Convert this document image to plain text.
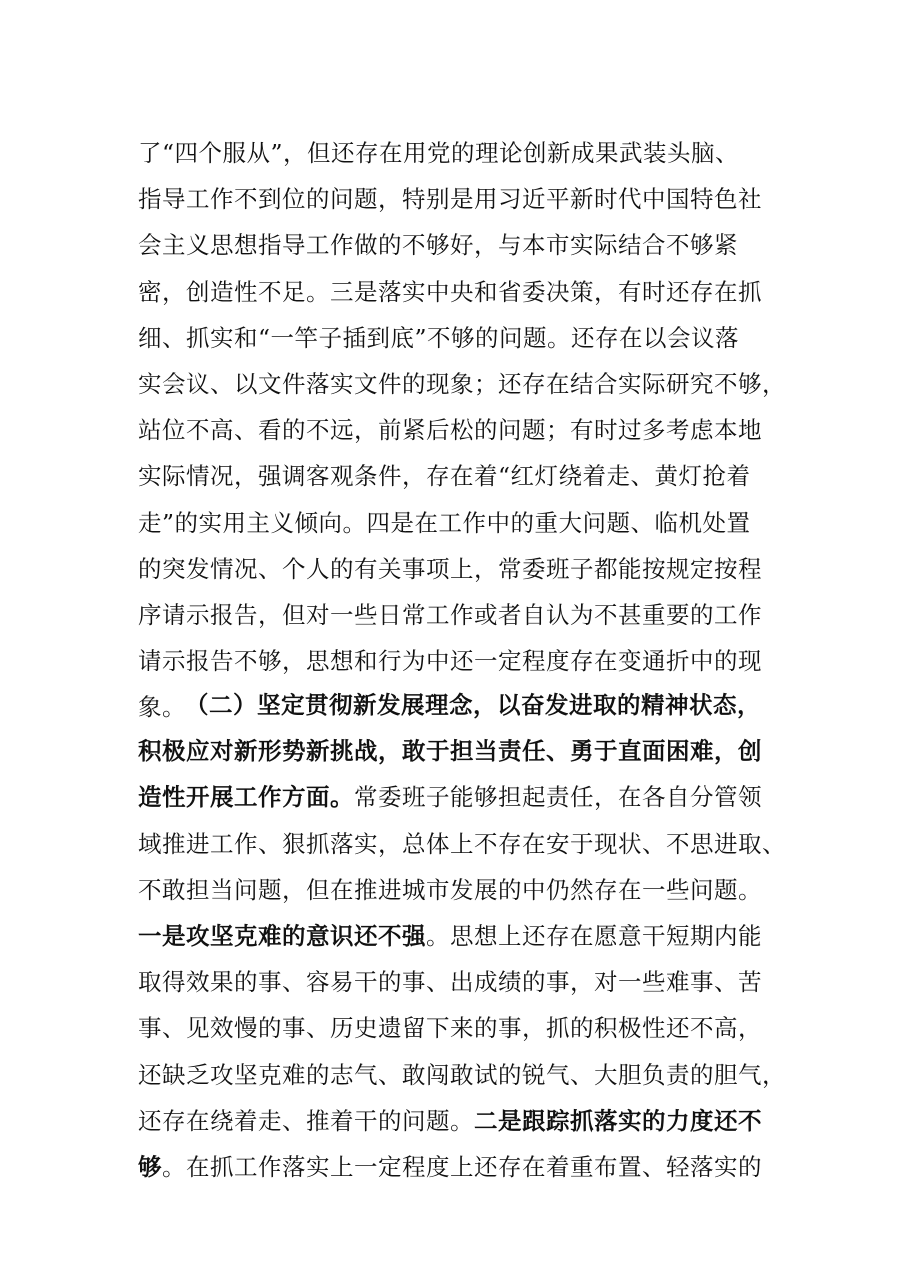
了“四个服从”，但还存在用党的理论创新成果武装头脑、
指导工作不到位的问题，特别是用习近平新时代中国特色社
会主义思想指导工作做的不够好，与本市实际结合不够紧
密，创造性不足。三是落实中央和省委决策，有时还存在抓
细、抓实和“一竿子插到底”不够的问题。还存在以会议落
实会议、以文件落实文件的现象；还存在结合实际研究不够，
站位不高、看的不远，前紧后松的问题；有时过多考虑本地
实际情况，强调客观条件，存在着“红灯绕着走、黄灯抢着
走”的实用主义倾向。四是在工作中的重大问题、临机处置
的突发情况、个人的有关事项上，常委班子都能按规定按程
序请示报告，但对一些日常工作或者自认为不甚重要的工作
请示报告不够，思想和行为中还一定程度存在变通折中的现
象。 （二）坚定贯彻新发展理念，以奋发进取的精神状态，
积极应对新形势新挑战，敢于担当责任、勇于直面困难，创
造性开展工作方面。常委班子能够担起责任，在各自分管领
域推进工作、狠抓落实，总体上不存在安于现状、不思进取、
不敢担当问题，但在推进城市发展的中仍然存在一些问题。
一是攻坚克难的意识还不强。思想上还存在愿意干短期内能
取得效果的事、容易干的事、出成绩的事，对一些难事、苦
事、见效慢的事、历史遗留下来的事，抓的积极性还不高，
还缺乏攻坚克难的志气、敢闯敢试的锐气、大胆负责的胆气，
还存在绕着走、推着干的问题。二是跟踪抓落实的力度还不
够。在抓工作落实上一定程度上还存在着重布置、轻落实的
